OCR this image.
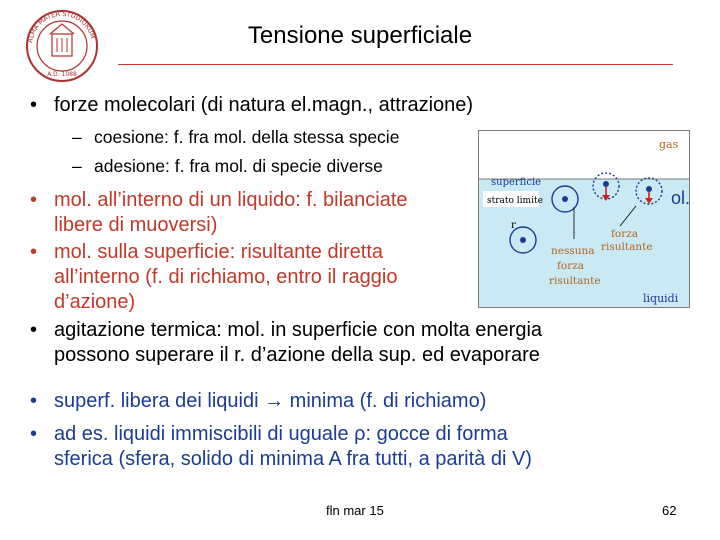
ALMA MATER STUDIORUM
A.D. 1088
Tensione superficiale
• forze molecolari (di natura el.magn., attrazione)
– coesione: f. fra mol. della stessa specie
– adesione: f. fra mol. di specie diverse
• mol. all’interno di un liquido: f. bilanciate
libere di muoversi)
• mol. sulla superficie: risultante diretta
all’interno (f. di richiamo, entro il raggio
d’azione)
• agitazione termica: mol. in superficie con molta energia
possono superare il r. d’azione della sup. ed evaporare
• superf. libera dei liquidi → minima (f. di richiamo)
• ad es. liquidi immiscibili di uguale ρ: gocce di forma
sferica (sfera, solido di minima A fra tutti, a parità di V)
gas
superficie
strato limite	ol.
r
forza
risultante
nessuna
forza
risultante
liquidi
fln mar 15	62
